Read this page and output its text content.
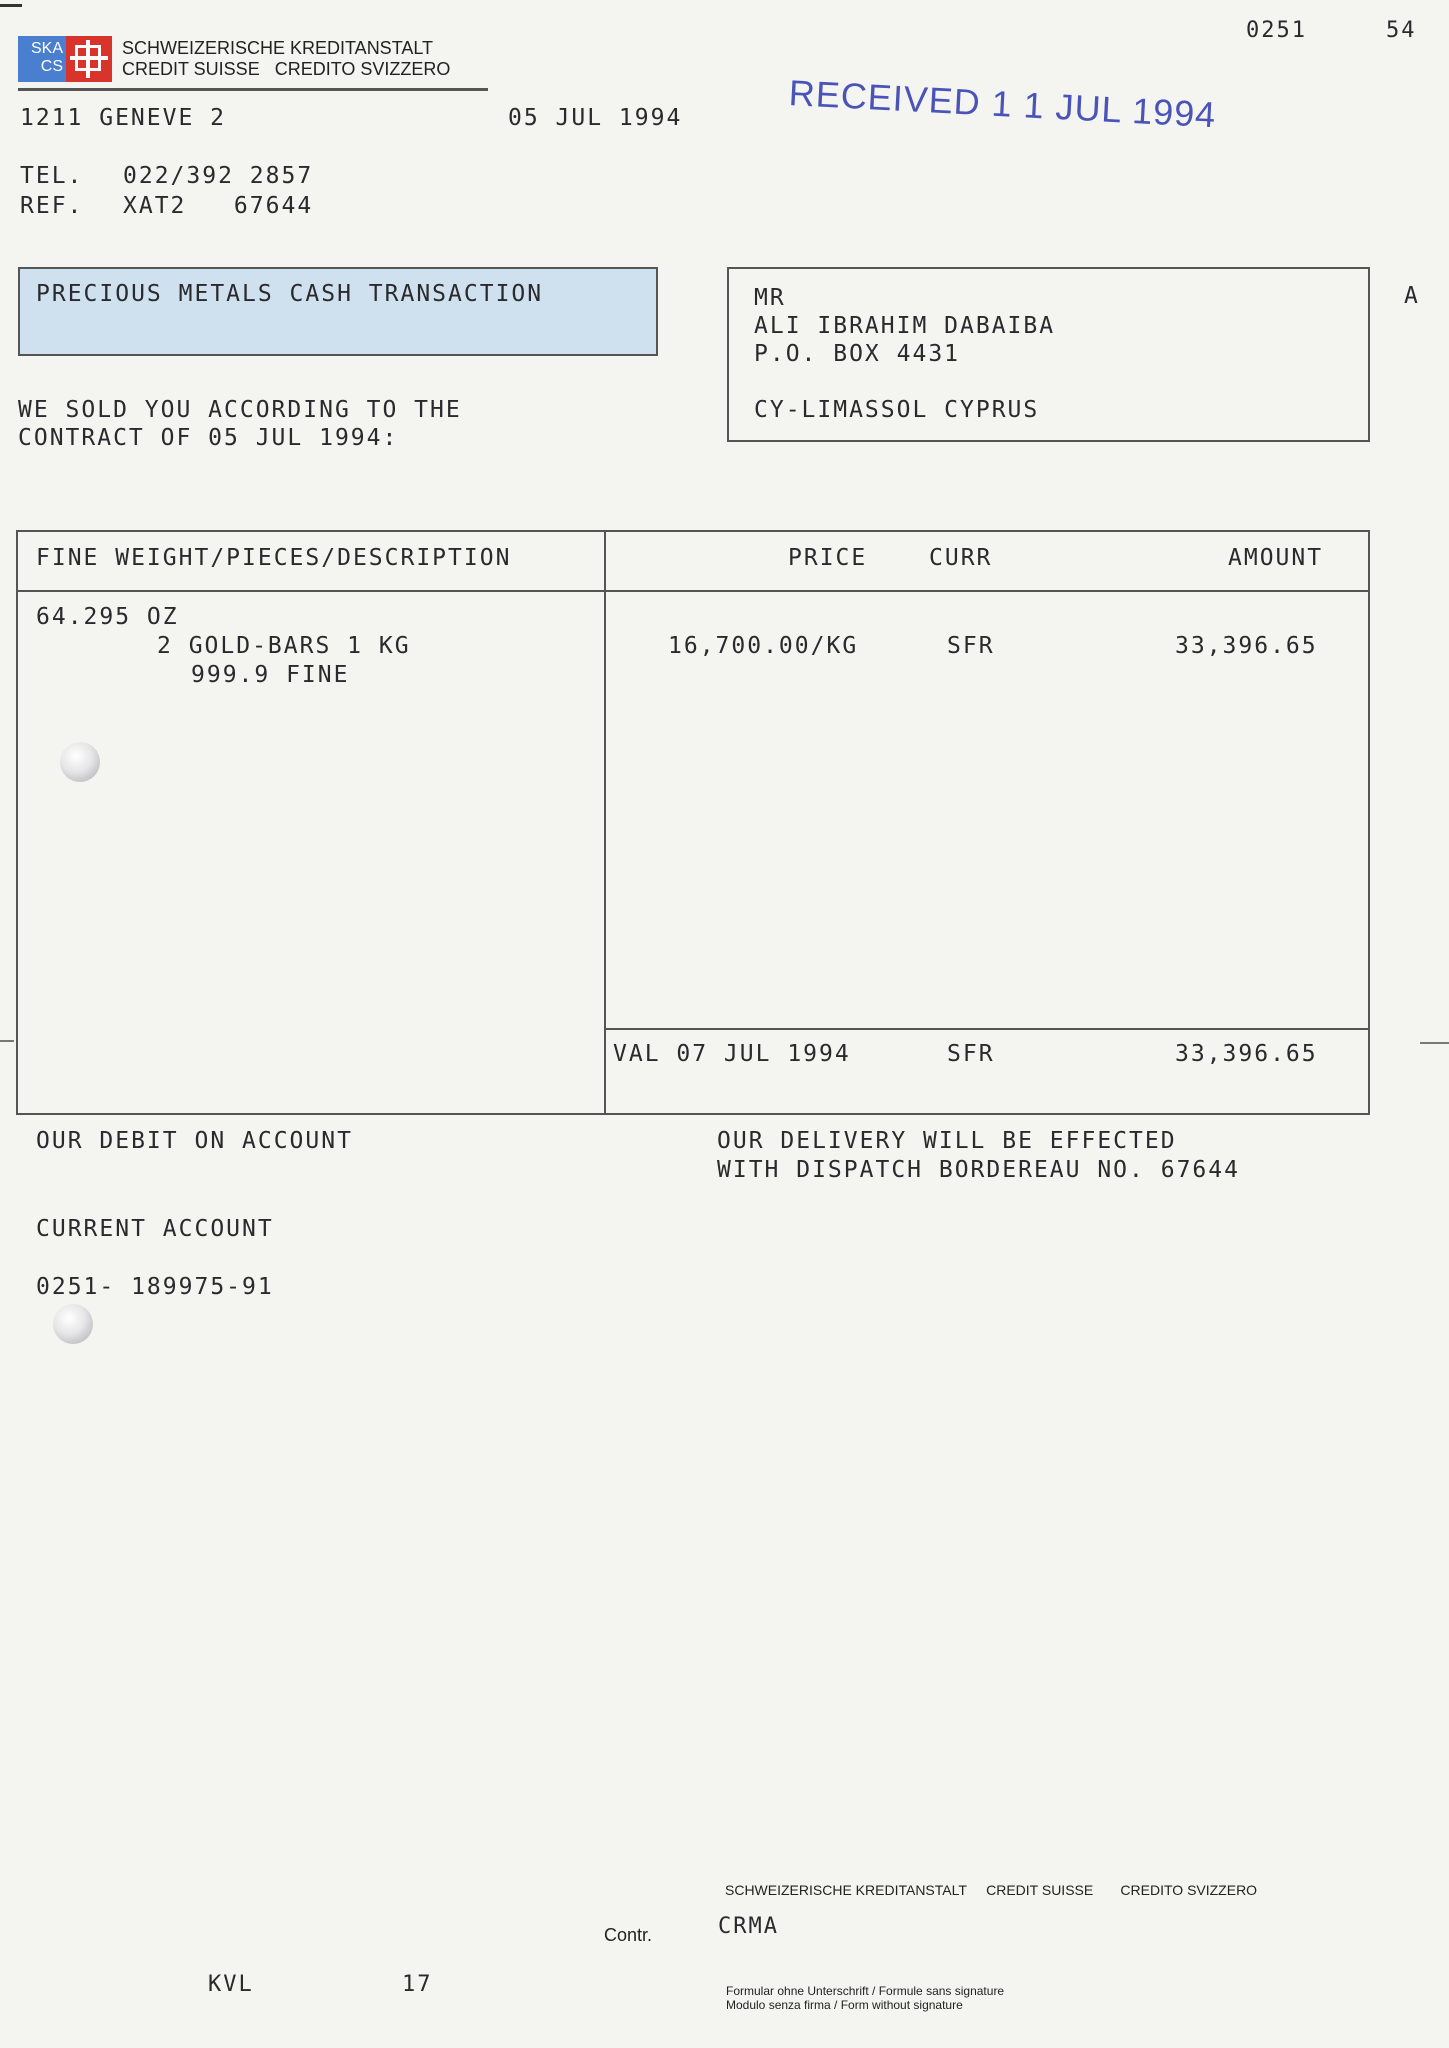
0251	54
SKA
CS
SCHWEIZERISCHE KREDITANSTALT
CREDIT SUISSE   CREDITO SVIZZERO
1211 GENEVE 2	05 JUL 1994
TEL. 022/392 2857
REF. XAT2   67644
RECEIVED 1 1 JUL 1994
PRECIOUS METALS CASH TRANSACTION	MR
ALI IBRAHIM DABAIBA
P.O. BOX 4431
CY-LIMASSOL CYPRUS
A
WE SOLD YOU ACCORDING TO THE
CONTRACT OF 05 JUL 1994:
FINE WEIGHT/PIECES/DESCRIPTION	PRICE	CURR	AMOUNT
64.295 OZ
2 GOLD-BARS 1 KG
999.9 FINE
16,700.00/KG	SFR	33,396.65
VAL 07 JUL 1994	SFR	33,396.65
OUR DEBIT ON ACCOUNT	OUR DELIVERY WILL BE EFFECTED
WITH DISPATCH BORDEREAU NO. 67644
CURRENT ACCOUNT
0251- 189975-91
SCHWEIZERISCHE KREDITANSTALT     CREDIT SUISSE       CREDITO SVIZZERO
Contr.	CRMA
KVL	17	Formular ohne Unterschrift / Formule sans signature
Modulo senza firma / Form without signature
